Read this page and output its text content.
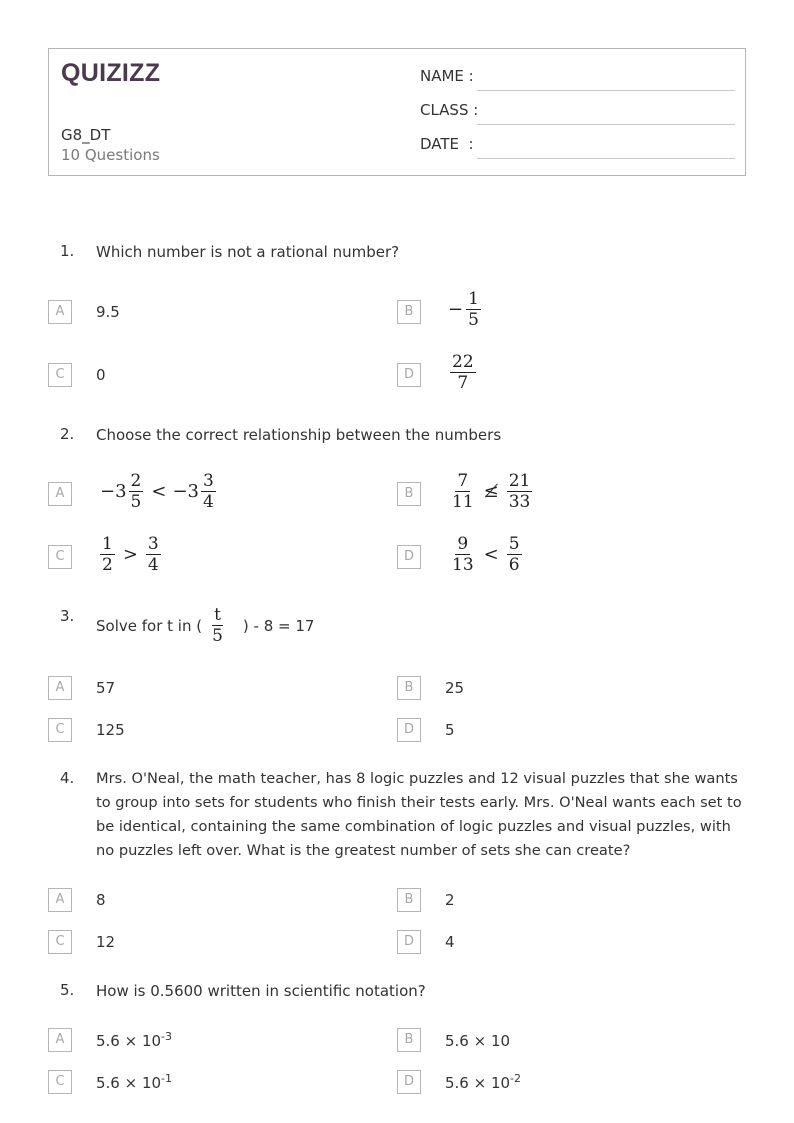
QUIZIZZ
G8_DT
10 Questions
NAME :
CLASS :
DATE  :
1. Which number is not a rational number?
A	9.5	B	− $\frac{1}{5}$
C	0	D	$\frac{22}{7}$
2. Choose the correct relationship between the numbers
A	$-3 \frac{2}{5} < -3 \frac{3}{4}$	B	$\frac{7}{11}$ ≰ $\frac{21}{33}$
C	$\frac{1}{2} > \frac{3}{4}$	D	$\frac{9}{13} < \frac{5}{6}$
3.
Solve for t in ( $\frac{t}{5}$ ) - 8 = 17
A	57	B	25
C	125	D	5
4. Mrs. O'Neal, the math teacher, has 8 logic puzzles and 12 visual puzzles that she wants to group into sets for students who finish their tests early. Mrs. O'Neal wants each set to be identical, containing the same combination of logic puzzles and visual puzzles, with no puzzles left over. What is the greatest number of sets she can create?
A	8	B	2
C	12	D	4
5. How is 0.5600 written in scientific notation?
A	$5.6 \times 10^{-3}$	B	5.6 × 10
C	$5.6 \times 10^{-1}$	D	$5.6 \times 10^{-2}$
